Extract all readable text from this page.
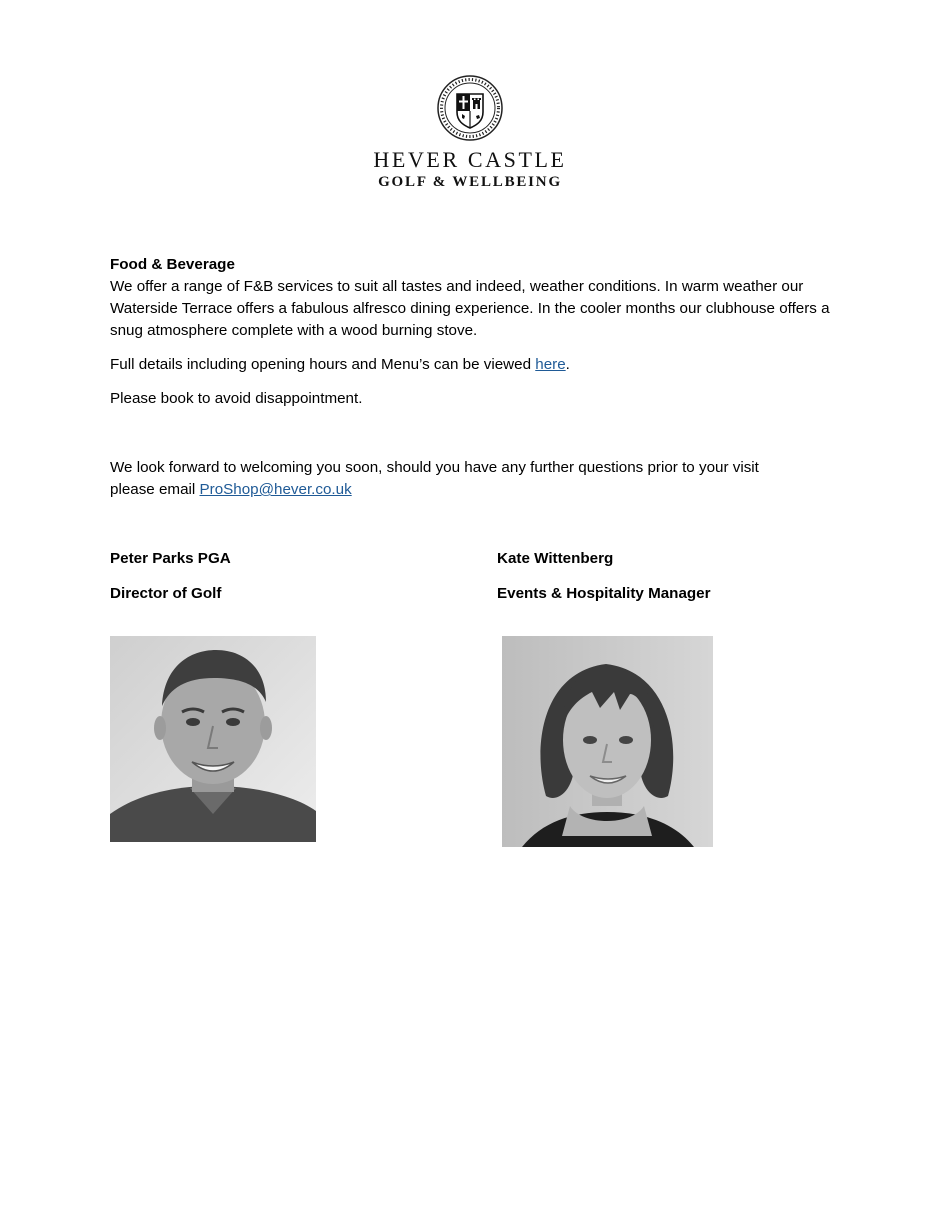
HEVER CASTLE
GOLF & WELLBEING
Food & Beverage

We offer a range of F&B services to suit all tastes and indeed, weather conditions. In warm weather our Waterside Terrace offers a fabulous alfresco dining experience. In the cooler months our clubhouse offers a snug atmosphere complete with a wood burning stove.

Full details including opening hours and Menu’s can be viewed here.

Please book to avoid disappointment.

We look forward to welcoming you soon, should you have any further questions prior to your visit please email ProShop@hever.co.uk

Peter Parks PGA
Director of Golf
Kate Wittenberg
Events & Hospitality Manager
